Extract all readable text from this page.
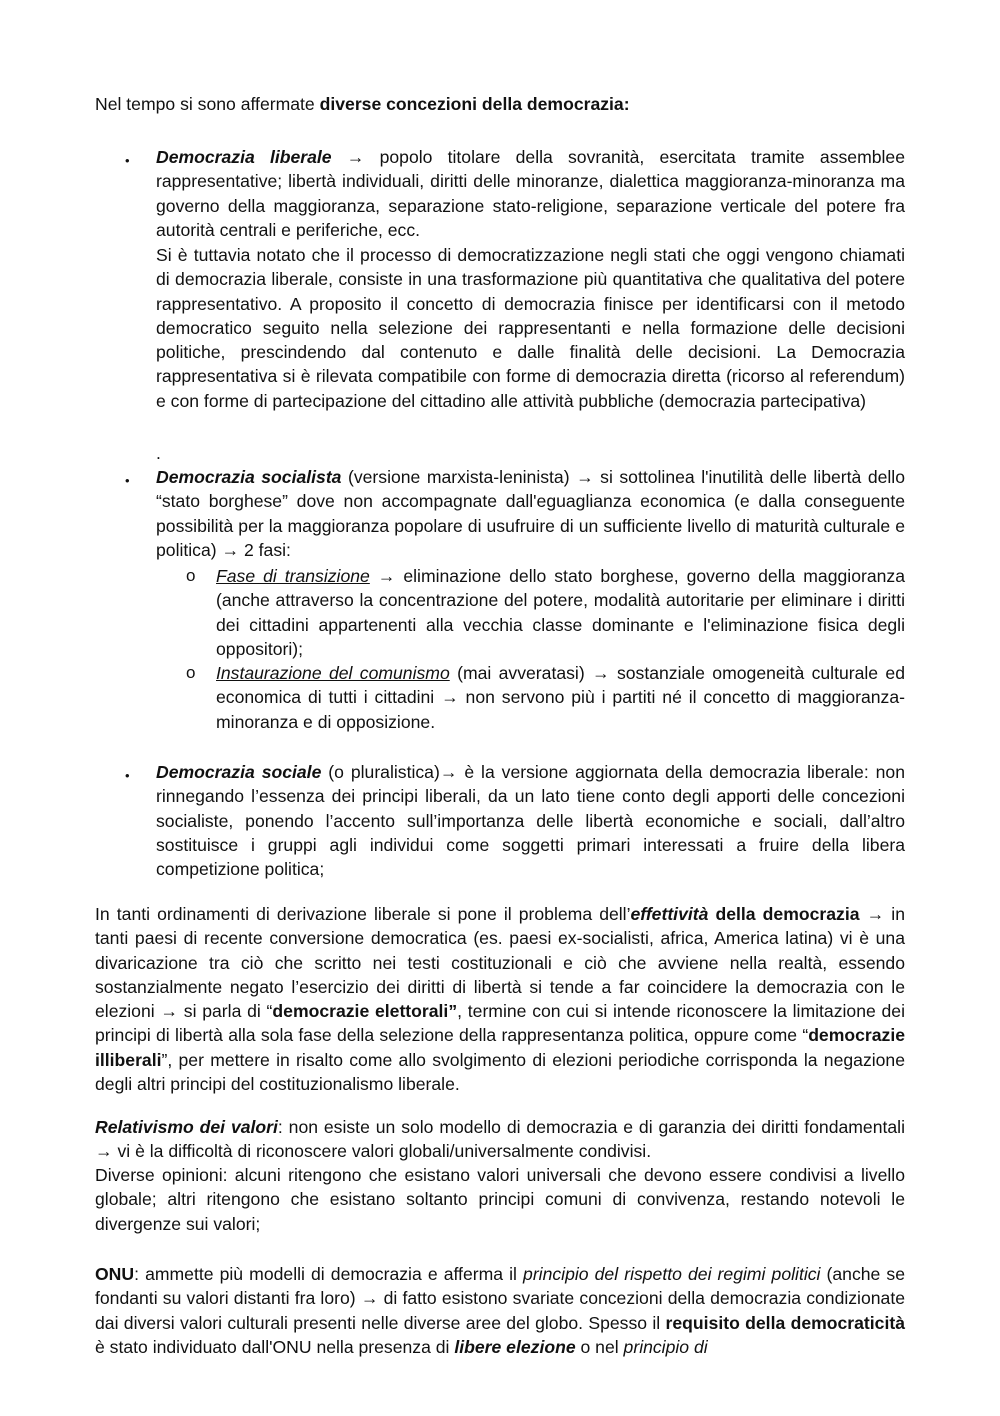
Nel tempo si sono affermate diverse concezioni della democrazia:

• Democrazia liberale → popolo titolare della sovranità, esercitata tramite assemblee rappresentative; libertà individuali, diritti delle minoranze, dialettica maggioranza-minoranza ma governo della maggioranza, separazione stato-religione, separazione verticale del potere fra autorità centrali e periferiche, ecc.

Si è tuttavia notato che il processo di democratizzazione negli stati che oggi vengono chiamati di democrazia liberale, consiste in una trasformazione più quantitativa che qualitativa del potere rappresentativo. A proposito il concetto di democrazia finisce per identificarsi con il metodo democratico seguito nella selezione dei rappresentanti e nella formazione delle decisioni politiche, prescindendo dal contenuto e dalle finalità delle decisioni. La Democrazia rappresentativa si è rilevata compatibile con forme di democrazia diretta (ricorso al referendum) e con forme di partecipazione del cittadino alle attività pubbliche (democrazia partecipativa)

.

• Democrazia socialista (versione marxista-leninista) → si sottolinea l'inutilità delle libertà dello “stato borghese” dove non accompagnate dall'eguaglianza economica (e dalla conseguente possibilità per la maggioranza popolare di usufruire di un sufficiente livello di maturità culturale e politica) → 2 fasi:

o Fase di transizione → eliminazione dello stato borghese, governo della maggioranza (anche attraverso la concentrazione del potere, modalità autoritarie per eliminare i diritti dei cittadini appartenenti alla vecchia classe dominante e l'eliminazione fisica degli oppositori);

o Instaurazione del comunismo (mai avveratasi) → sostanziale omogeneità culturale ed economica di tutti i cittadini → non servono più i partiti né il concetto di maggioranza-minoranza e di opposizione.

• Democrazia sociale (o pluralistica)→ è la versione aggiornata della democrazia liberale: non rinnegando l’essenza dei principi liberali, da un lato tiene conto degli apporti delle concezioni socialiste, ponendo l’accento sull’importanza delle libertà economiche e sociali, dall’altro sostituisce i gruppi agli individui come soggetti primari interessati a fruire della libera competizione politica;

In tanti ordinamenti di derivazione liberale si pone il problema dell’effettività della democrazia → in tanti paesi di recente conversione democratica (es. paesi ex-socialisti, africa, America latina) vi è una divaricazione tra ciò che scritto nei testi costituzionali e ciò che avviene nella realtà, essendo sostanzialmente negato l’esercizio dei diritti di libertà si tende a far coincidere la democrazia con le elezioni → si parla di “democrazie elettorali”, termine con cui si intende riconoscere la limitazione dei principi di libertà alla sola fase della selezione della rappresentanza politica, oppure come “democrazie illiberali”, per mettere in risalto come allo svolgimento di elezioni periodiche corrisponda la negazione degli altri principi del costituzionalismo liberale.

Relativismo dei valori: non esiste un solo modello di democrazia e di garanzia dei diritti fondamentali → vi è la difficoltà di riconoscere valori globali/universalmente condivisi.

Diverse opinioni: alcuni ritengono che esistano valori universali che devono essere condivisi a livello globale; altri ritengono che esistano soltanto principi comuni di convivenza, restando notevoli le divergenze sui valori;

ONU: ammette più modelli di democrazia e afferma il principio del rispetto dei regimi politici (anche se fondanti su valori distanti fra loro) → di fatto esistono svariate concezioni della democrazia condizionate dai diversi valori culturali presenti nelle diverse aree del globo. Spesso il requisito della democraticità è stato individuato dall'ONU nella presenza di libere elezione o nel principio di
